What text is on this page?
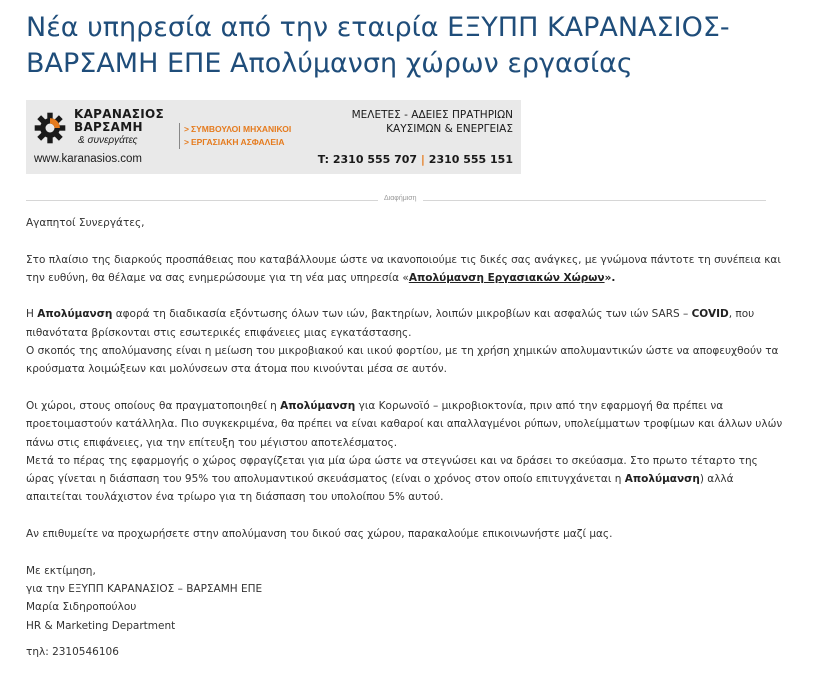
Νέα υπηρεσία από την εταιρία ΕΞΥΠΠ ΚΑΡΑΝΑΣΙΟΣ-ΒΑΡΣΑΜΗ ΕΠΕ Απολύμανση χώρων εργασίας
ΚΑΡΑΝΑΣΙΟΣ
ΒΑΡΣΑΜΗ
& συνεργάτες
www.karanasios.com
> ΣΥΜΒΟΥΛΟΙ ΜΗΧΑΝΙΚΟΙ
> ΕΡΓΑΣΙΑΚΗ ΑΣΦΑΛΕΙΑ
ΜΕΛΕΤΕΣ - ΑΔΕΙΕΣ ΠΡΑΤΗΡΙΩΝ
ΚΑΥΣΙΜΩΝ & ΕΝΕΡΓΕΙΑΣ
T: 2310 555 707 | 2310 555 151
Διαφήμιση

Αγαπητοί Συνεργάτες,

Στο πλαίσιο της διαρκούς προσπάθειας που καταβάλλουμε ώστε να ικανοποιούμε τις δικές σας ανάγκες, με γνώμονα πάντοτε τη συνέπεια και την ευθύνη, θα θέλαμε να σας ενημερώσουμε για τη νέα μας υπηρεσία «Απολύμανση Εργασιακών Χώρων».

Η Απολύμανση αφορά τη διαδικασία εξόντωσης όλων των ιών, βακτηρίων, λοιπών μικροβίων και ασφαλώς των ιών SARS – COVID, που πιθανότατα βρίσκονται στις εσωτερικές επιφάνειες μιας εγκατάστασης.

Ο σκοπός της απολύμανσης είναι η μείωση του μικροβιακού και ιικού φορτίου, με τη χρήση χημικών απολυμαντικών ώστε να αποφευχθούν τα κρούσματα λοιμώξεων και μολύνσεων στα άτομα που κινούνται μέσα σε αυτόν.

Οι χώροι, στους οποίους θα πραγματοποιηθεί η Απολύμανση για Κορωνοϊό – μικροβιοκτονία, πριν από την εφαρμογή θα πρέπει να προετοιμαστούν κατάλληλα. Πιο συγκεκριμένα, θα πρέπει να είναι καθαροί και απαλλαγμένοι ρύπων, υπολείμματων τροφίμων και άλλων υλών πάνω στις επιφάνειες, για την επίτευξη του μέγιστου αποτελέσματος.

Μετά το πέρας της εφαρμογής ο χώρος σφραγίζεται για μία ώρα ώστε να στεγνώσει και να δράσει το σκεύασμα. Στο πρωτο τέταρτο της ώρας γίνεται η διάσπαση του 95% του απολυμαντικού σκευάσματος (είναι ο χρόνος στον οποίο επιτυγχάνεται η Απολύμανση) αλλά απαιτείται τουλάχιστον ένα τρίωρο για τη διάσπαση του υπολοίπου 5% αυτού.

Αν επιθυμείτε να προχωρήσετε στην απολύμανση του δικού σας χώρου, παρακαλούμε επικοινωνήστε μαζί μας.

Με εκτίμηση,
για την ΕΞΥΠΠ ΚΑΡΑΝΑΣΙΟΣ – ΒΑΡΣΑΜΗ ΕΠΕ
Μαρία Σιδηροπούλου
HR & Marketing Department
τηλ: 2310546106
